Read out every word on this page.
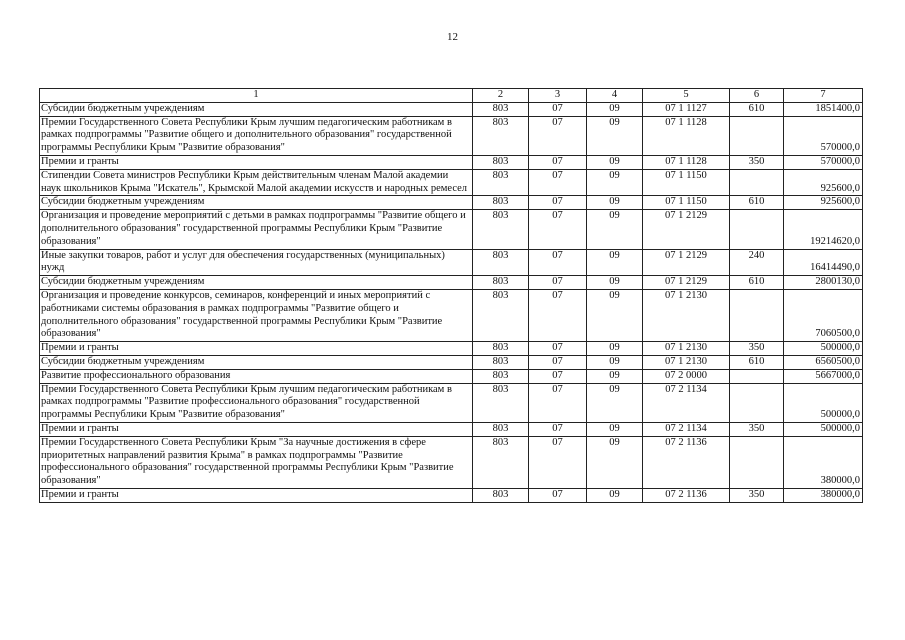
12
1	2	3	4	5	6	7
Субсидии бюджетным учреждениям	803	07	09	07 1 1127	610	1851400,0
Премии Государственного Совета Республики Крым лучшим педагогическим работникам в рамках подпрограммы "Развитие общего и дополнительного образования" государственной программы Республики Крым "Развитие образования"	803	07	09	07 1 1128		570000,0
Премии и гранты	803	07	09	07 1 1128	350	570000,0
Стипендии Совета министров Республики Крым действительным членам Малой академии наук школьников Крыма "Искатель", Крымской Малой академии искусств и народных ремесел	803	07	09	07 1 1150		925600,0
Субсидии бюджетным учреждениям	803	07	09	07 1 1150	610	925600,0
Организация и проведение мероприятий с детьми в рамках подпрограммы "Развитие общего и дополнительного образования" государственной программы Республики Крым "Развитие образования"	803	07	09	07 1 2129		19214620,0
Иные закупки товаров, работ и услуг для обеспечения государственных (муниципальных) нужд	803	07	09	07 1 2129	240	16414490,0
Субсидии бюджетным учреждениям	803	07	09	07 1 2129	610	2800130,0
Организация и проведение конкурсов, семинаров, конференций и иных мероприятий с работниками системы образования в рамках подпрограммы "Развитие общего и дополнительного образования" государственной программы Республики Крым "Развитие образования"	803	07	09	07 1 2130		7060500,0
Премии и гранты	803	07	09	07 1 2130	350	500000,0
Субсидии бюджетным учреждениям	803	07	09	07 1 2130	610	6560500,0
Развитие профессионального образования	803	07	09	07 2 0000		5667000,0
Премии Государственного Совета Республики Крым лучшим педагогическим работникам в рамках подпрограммы "Развитие профессионального образования" государственной программы Республики Крым "Развитие образования"	803	07	09	07 2 1134		500000,0
Премии и гранты	803	07	09	07 2 1134	350	500000,0
Премии Государственного Совета Республики Крым "За научные достижения в сфере приоритетных направлений развития Крыма" в рамках подпрограммы "Развитие профессионального образования" государственной программы Республики Крым "Развитие образования"	803	07	09	07 2 1136		380000,0
Премии и гранты	803	07	09	07 2 1136	350	380000,0
